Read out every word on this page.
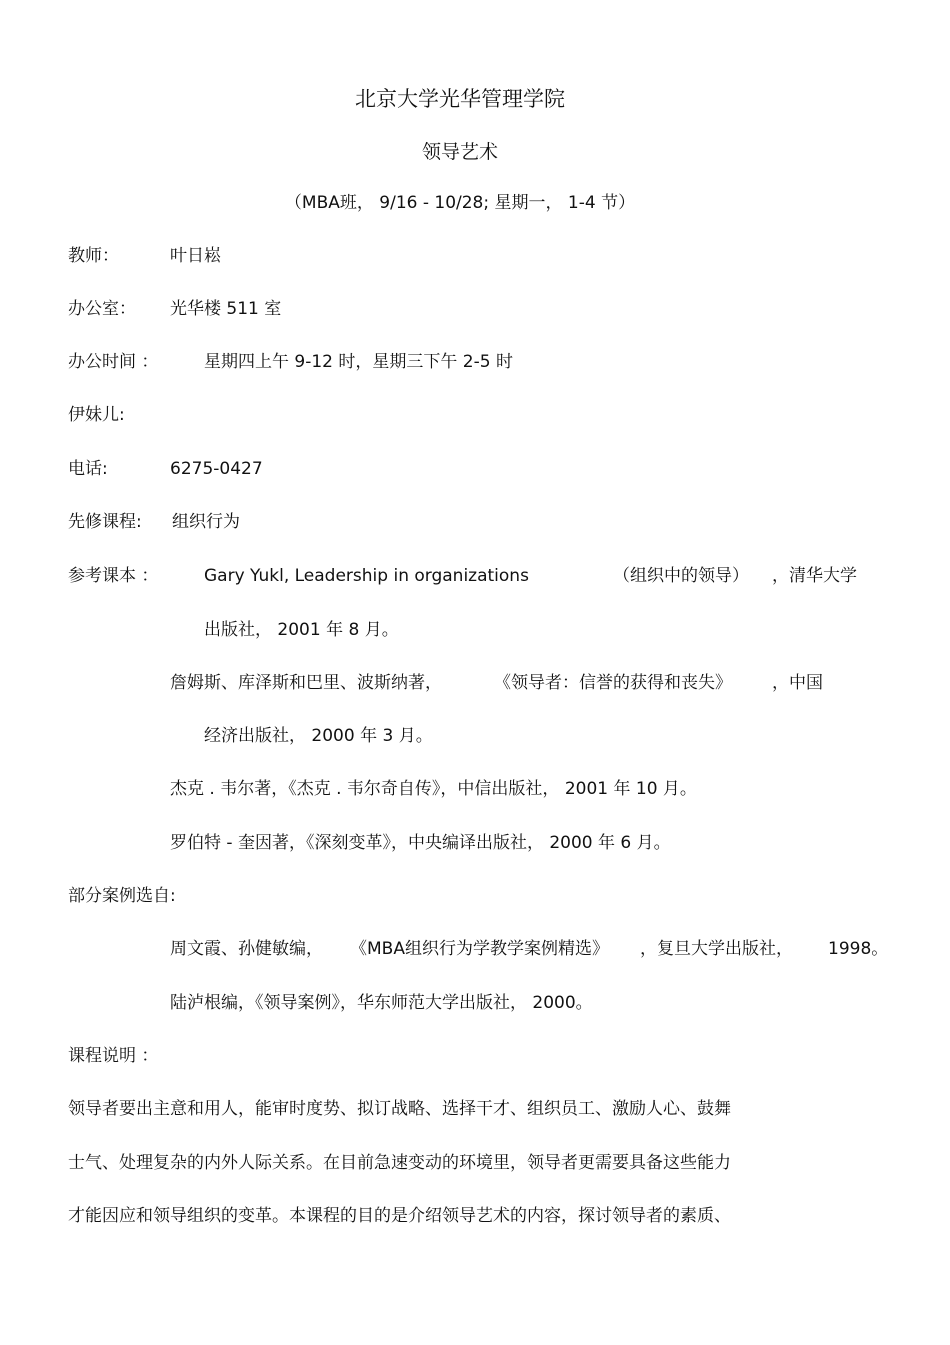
北京大学光华管理学院
领导艺术
（MBA班， 9/16 - 10/28; 星期一， 1-4 节）
教师：	叶日崧
办公室： 光华楼 511 室
办公时间 ：	星期四上午 9-12 时，星期三下午 2-5 时
伊妹儿:
电话:	6275-0427
先修课程: 组织行为
参考课本 ：	Gary Yukl, Leadership in organizations	（组织中的领导） ，清华大学
出版社， 2001 年 8 月。
詹姆斯、库泽斯和巴里、波斯纳著，	《领导者：信誉的获得和丧失》 ，中国
经济出版社， 2000 年 3 月。
杰克 . 韦尔著，《杰克 . 韦尔奇自传》，中信出版社， 2001 年 10 月。
罗伯特 - 奎因著，《深刻变革》，中央编译出版社， 2000 年 6 月。
部分案例选自:
周文霞、孙健敏编， 《MBA组织行为学教学案例精选》 ，复旦大学出版社， 1998。
陆泸根编，《领导案例》，华东师范大学出版社， 2000。
课程说明 ：
领导者要出主意和用人，能审时度势、拟订战略、选择干才、组织员工、激励人心、鼓舞
士气、处理复杂的内外人际关系。在目前急速变动的环境里，领导者更需要具备这些能力
才能因应和领导组织的变革。本课程的目的是介绍领导艺术的内容，探讨领导者的素质、
